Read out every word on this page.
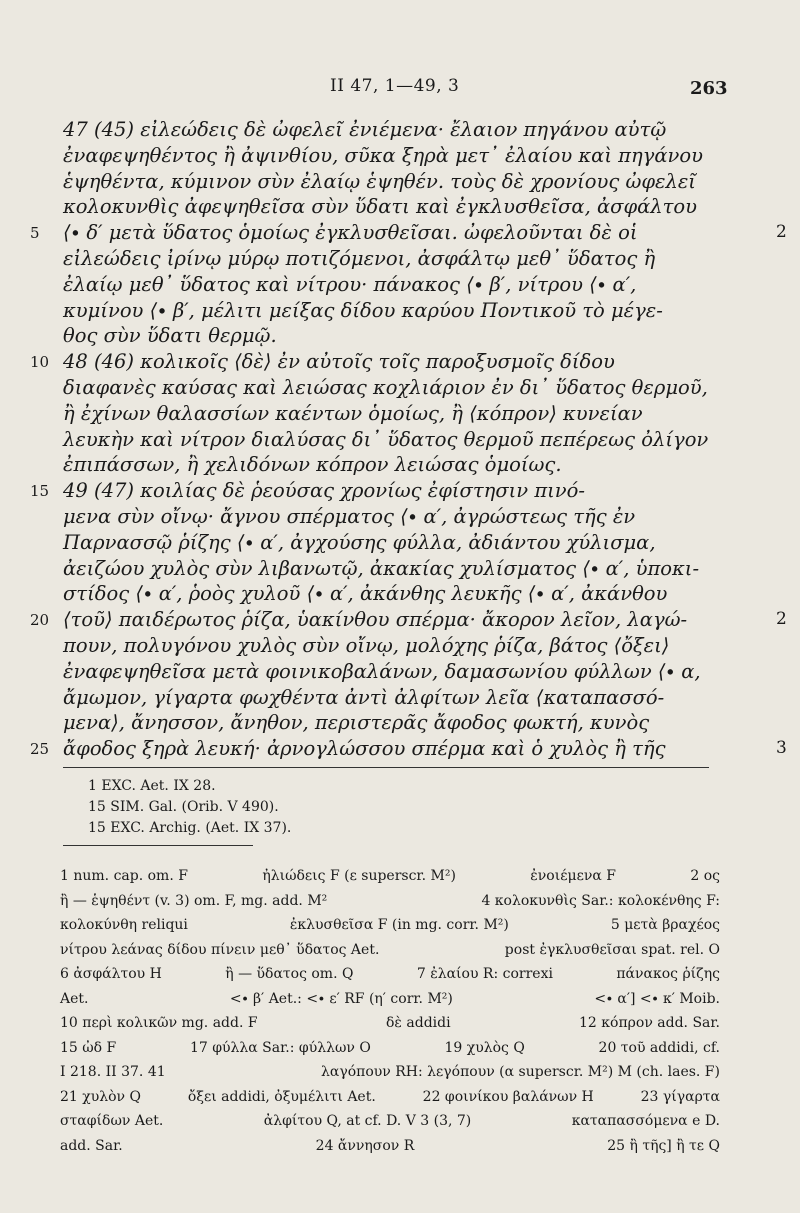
II 47, 1—49, 3	263
47 (45) εἰλεώδεις δὲ ὠφελεῖ ἐνιέμενα· ἔλαιον πηγάνου αὐτῷ
ἐναφεψηθέντος ἢ ἀψινθίου, σῦκα ξηρὰ μετ᾽ ἐλαίου καὶ πηγάνου
ἑψηθέντα, κύμινον σὺν ἐλαίῳ ἑψηθέν. τοὺς δὲ χρονίους ὠφελεῖ
κολοκυνθὶς ἀφεψηθεῖσα σὺν ὕδατι καὶ ἐγκλυσθεῖσα, ἀσφάλτου
5 ⟨∙ δ′ μετὰ ὕδατος ὁμοίως ἐγκλυσθεῖσαι. ὠφελοῦνται δὲ οἱ	2
εἰλεώδεις ἰρίνῳ μύρῳ ποτιζόμενοι, ἀσφάλτῳ μεθ᾽ ὕδατος ἢ
ἐλαίῳ μεθ᾽ ὕδατος καὶ νίτρου· πάνακος ⟨∙ β′, νίτρου ⟨∙ α′,
κυμίνου ⟨∙ β′, μέλιτι μείξας δίδου καρύου Ποντικοῦ τὸ μέγε-
θος σὺν ὕδατι θερμῷ.
10 48 (46) κολικοῖς ⟨δὲ⟩ ἐν αὐτοῖς τοῖς παροξυσμοῖς δίδου
διαφανὲς καύσας καὶ λειώσας κοχλιάριον ἐν δι᾽ ὕδατος θερμοῦ,
ἢ ἐχίνων θαλασσίων καέντων ὁμοίως, ἢ ⟨κόπρον⟩ κυνείαν
λευκὴν καὶ νίτρον διαλύσας δι᾽ ὕδατος θερμοῦ πεπέρεως ὀλίγον
ἐπιπάσσων, ἢ χελιδόνων κόπρον λειώσας ὁμοίως.
15 49 (47) κοιλίας δὲ ῥεούσας χρονίως ἐφίστησιν πινό-
μενα σὺν οἴνῳ· ἄγνου σπέρματος ⟨∙ α′, ἀγρώστεως τῆς ἐν
Παρνασσῷ ῥίζης ⟨∙ α′, ἀγχούσης φύλλα, ἀδιάντου χύλισμα,
ἀειζώου χυλὸς σὺν λιβανωτῷ, ἀκακίας χυλίσματος ⟨∙ α′, ὑποκι-
στίδος ⟨∙ α′, ῥοὸς χυλοῦ ⟨∙ α′, ἀκάνθης λευκῆς ⟨∙ α′, ἀκάνθου
20 ⟨τοῦ⟩ παιδέρωτος ῥίζα, ὑακίνθου σπέρμα· ἄκορον λεῖον, λαγώ-	2
πουν, πολυγόνου χυλὸς σὺν οἴνῳ, μολόχης ῥίζα, βάτος ⟨ὄξει⟩
ἐναφεψηθεῖσα μετὰ φοινικοβαλάνων, δαμασωνίου φύλλων ⟨∙ α,
ἄμωμον, γίγαρτα φωχθέντα ἀντὶ ἀλφίτων λεῖα ⟨καταπασσό-
μενα⟩, ἄνησσον, ἄνηθον, περιστερᾶς ἄφοδος φωκτή, κυνὸς
25 ἄφοδος ξηρὰ λευκή· ἀρνογλώσσου σπέρμα καὶ ὁ χυλὸς ἢ τῆς	3
1 EXC. Aet. IX 28.
15 SIM. Gal. (Orib. V 490).
15 EXC. Archig. (Aet. IX 37).
1 num. cap. om. F	ἠλιώδεις F (ε superscr. M²)	ἐνοιέμενα F	2 ος
ἢ — ἑψηθέντ (v. 3) om. F, mg. add. M²	4 κολοκυνθὶς Sar.: κολοκένθης F:
κολοκύνθη reliqui	ἐκλυσθεῖσα F (in mg. corr. M²)	5 μετὰ βραχέος
νίτρου λεάνας δίδου πίνειν μεθ᾽ ὕδατος Aet.	post ἐγκλυσθεῖσαι spat. rel. O
6 ἀσφάλτου H	ἢ — ὕδατος om. Q	7 ἐλαίου R: correxi	πάνακος ῥίζης
Aet.	<∙ β′ Aet.: <∙ ε′ RF (η′ corr. M²)	<∙ α′] <∙ κ′ Moib.
10 περὶ κολικῶν mg. add. F	δὲ addidi	12 κόπρον add. Sar.
15 ὠδ F	17 φύλλα Sar.: φύλλων O	19 χυλὸς Q	20 τοῦ addidi, cf.
I 218. II 37. 41	λαγόπουν RH: λεγόπουν (α superscr. M²) M (ch. laes. F)
21 χυλὸν Q	ὄξει addidi, ὀξυμέλιτι Aet.	22 φοινίκου βαλάνων H	23 γίγαρτα
σταφίδων Aet.	ἀλφίτου Q, at cf. D. V 3 (3, 7)	καταπασσόμενα e D.
add. Sar.	24 ἄννησον R	25 ἢ τῆς] ἢ τε Q
